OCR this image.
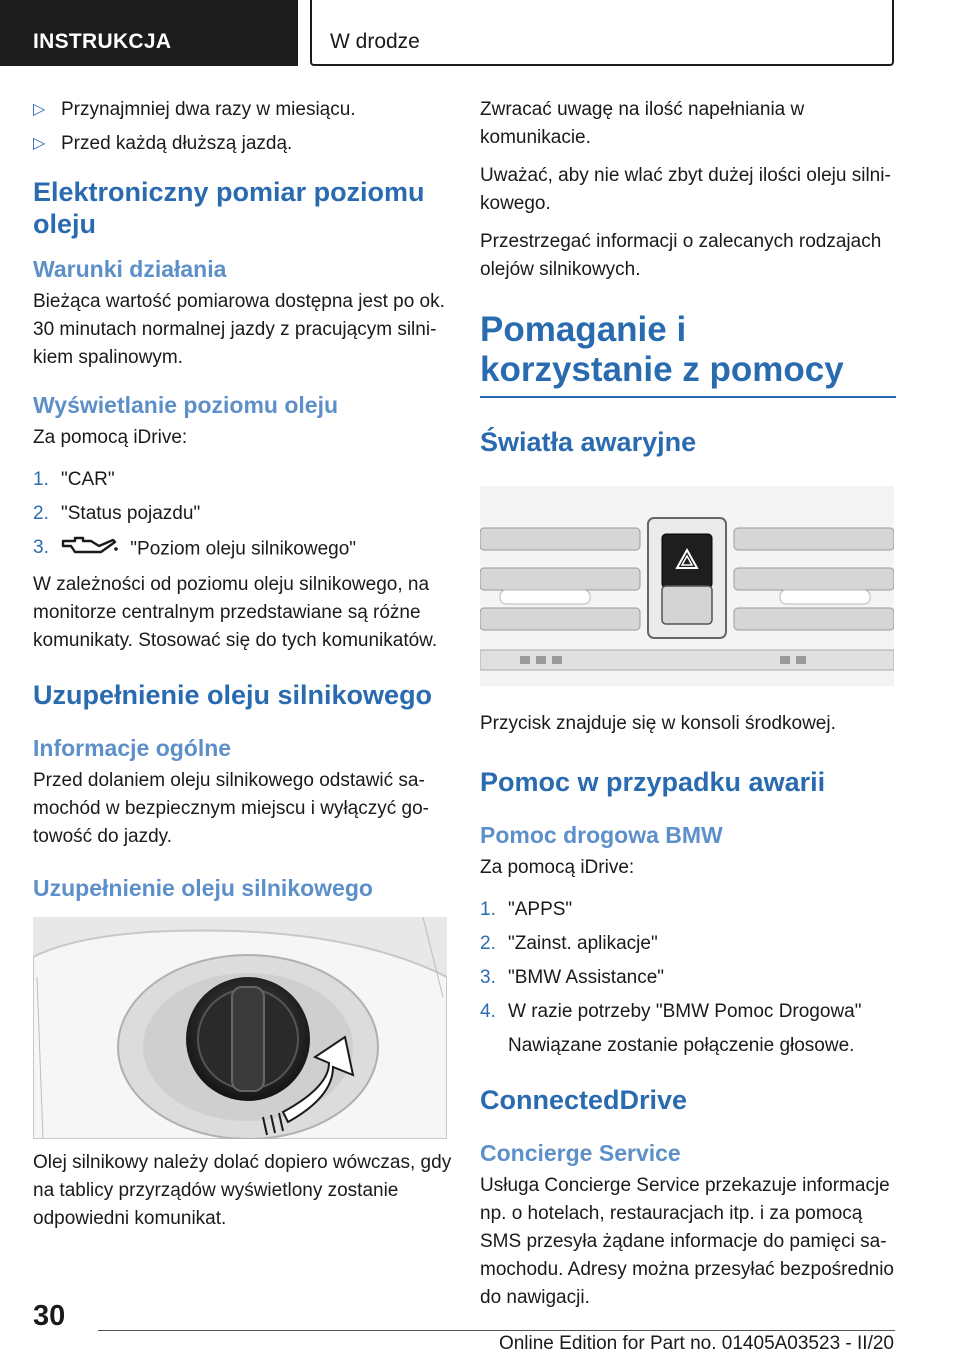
INSTRUKCJA	W drodze
▷ Przynajmniej dwa razy w miesiącu.
▷ Przed każdą dłuższą jazdą.
Elektroniczny pomiar poziomu oleju
Warunki działania
Bieżąca wartość pomiarowa dostępna jest po ok. 30 minutach normalnej jazdy z pracującym silnikiem spalinowym.
Wyświetlanie poziomu oleju
Za pomocą iDrive:
1. "CAR"
2. "Status pojazdu"
3.	"Poziom oleju silnikowego"
W zależności od poziomu oleju silnikowego, na monitorze centralnym przedstawiane są różne komunikaty. Stosować się do tych komunikatów.
Uzupełnienie oleju silnikowego
Informacje ogólne
Przed dolaniem oleju silnikowego odstawić samochód w bezpiecznym miejscu i wyłączyć gotowość do jazdy.
Uzupełnienie oleju silnikowego
Olej silnikowy należy dolać dopiero wówczas, gdy na tablicy przyrządów wyświetlony zostanie odpowiedni komunikat.
Zwracać uwagę na ilość napełniania w komunikacie.
Uważać, aby nie wlać zbyt dużej ilości oleju silnikowego.
Przestrzegać informacji o zalecanych rodzajach olejów silnikowych.
Pomaganie i korzystanie z pomocy
Światła awaryjne
Przycisk znajduje się w konsoli środkowej.
Pomoc w przypadku awarii
Pomoc drogowa BMW
Za pomocą iDrive:
1. "APPS"
2. "Zainst. aplikacje"
3. "BMW Assistance"
4. W razie potrzeby "BMW Pomoc Drogowa"
Nawiązane zostanie połączenie głosowe.
ConnectedDrive
Concierge Service
Usługa Concierge Service przekazuje informacje np. o hotelach, restauracjach itp. i za pomocą SMS przesyła żądane informacje do pamięci samochodu. Adresy można przesyłać bezpośrednio do nawigacji.
30
Online Edition for Part no. 01405A03523 - II/20
